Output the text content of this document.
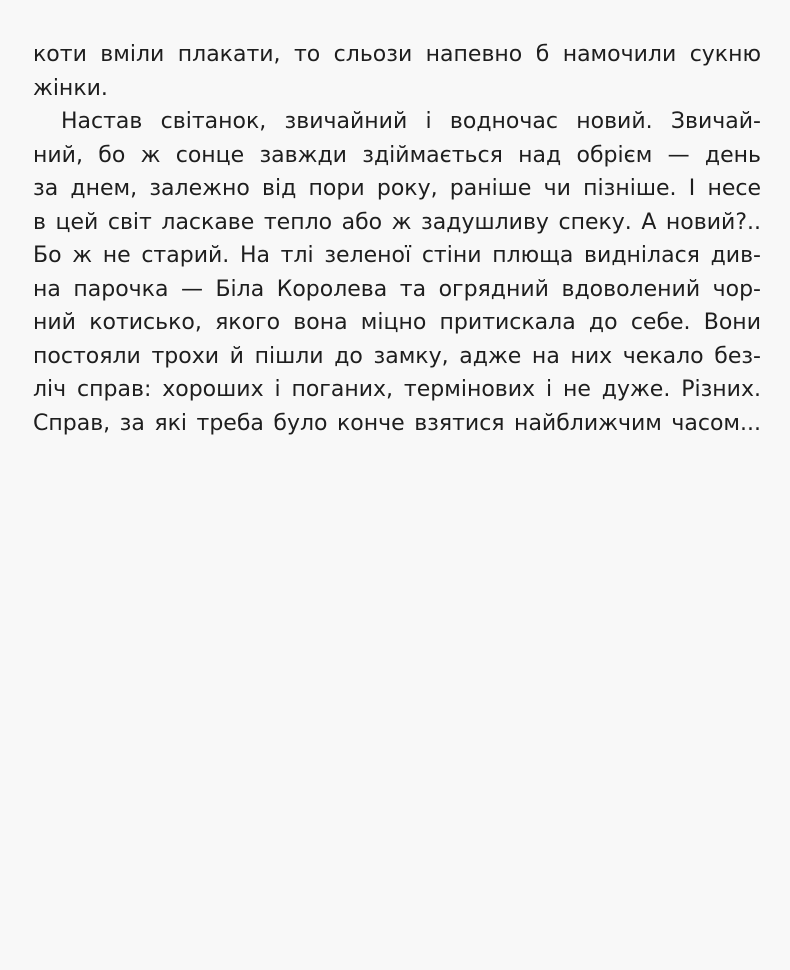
коти вміли плакати, то сльози напевно б намочили сукню
жінки.
Настав світанок, звичайний і водночас новий. Звичай-
ний, бо ж сонце завжди здіймається над обрієм — день
за днем, залежно від пори року, раніше чи пізніше. І несе
в цей світ ласкаве тепло або ж задушливу спеку. А новий?..
Бо ж не старий. На тлі зеленої стіни плюща виднілася див-
на парочка — Біла Королева та огрядний вдоволений чор-
ний котисько, якого вона міцно притискала до себе. Вони
постояли трохи й пішли до замку, адже на них чекало без-
ліч справ: хороших і поганих, термінових і не дуже. Різних.
Справ, за які треба було конче взятися найближчим часом...
